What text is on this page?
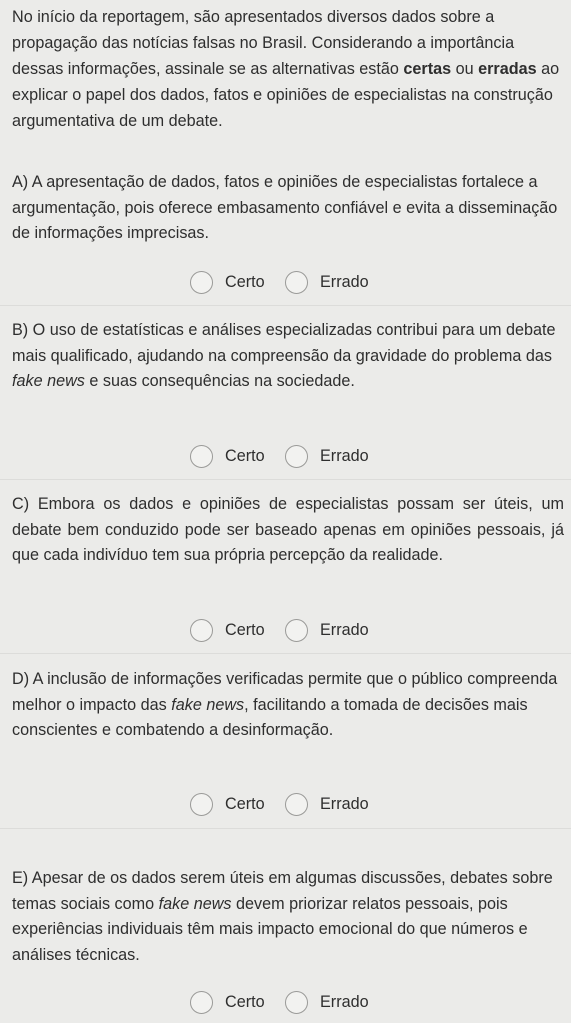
No início da reportagem, são apresentados diversos dados sobre a propagação das notícias falsas no Brasil. Considerando a importância dessas informações, assinale se as alternativas estão certas ou erradas ao explicar o papel dos dados, fatos e opiniões de especialistas na construção argumentativa de um debate.
A) A apresentação de dados, fatos e opiniões de especialistas fortalece a argumentação, pois oferece embasamento confiável e evita a disseminação de informações imprecisas.
Certo	Errado
B) O uso de estatísticas e análises especializadas contribui para um debate mais qualificado, ajudando na compreensão da gravidade do problema das fake news e suas consequências na sociedade.
Certo	Errado
C) Embora os dados e opiniões de especialistas possam ser úteis, um debate bem conduzido pode ser baseado apenas em opiniões pessoais, já que cada indivíduo tem sua própria percepção da realidade.
Certo	Errado
D) A inclusão de informações verificadas permite que o público compreenda melhor o impacto das fake news, facilitando a tomada de decisões mais conscientes e combatendo a desinformação.
Certo	Errado
E) Apesar de os dados serem úteis em algumas discussões, debates sobre temas sociais como fake news devem priorizar relatos pessoais, pois experiências individuais têm mais impacto emocional do que números e análises técnicas.
Certo	Errado
